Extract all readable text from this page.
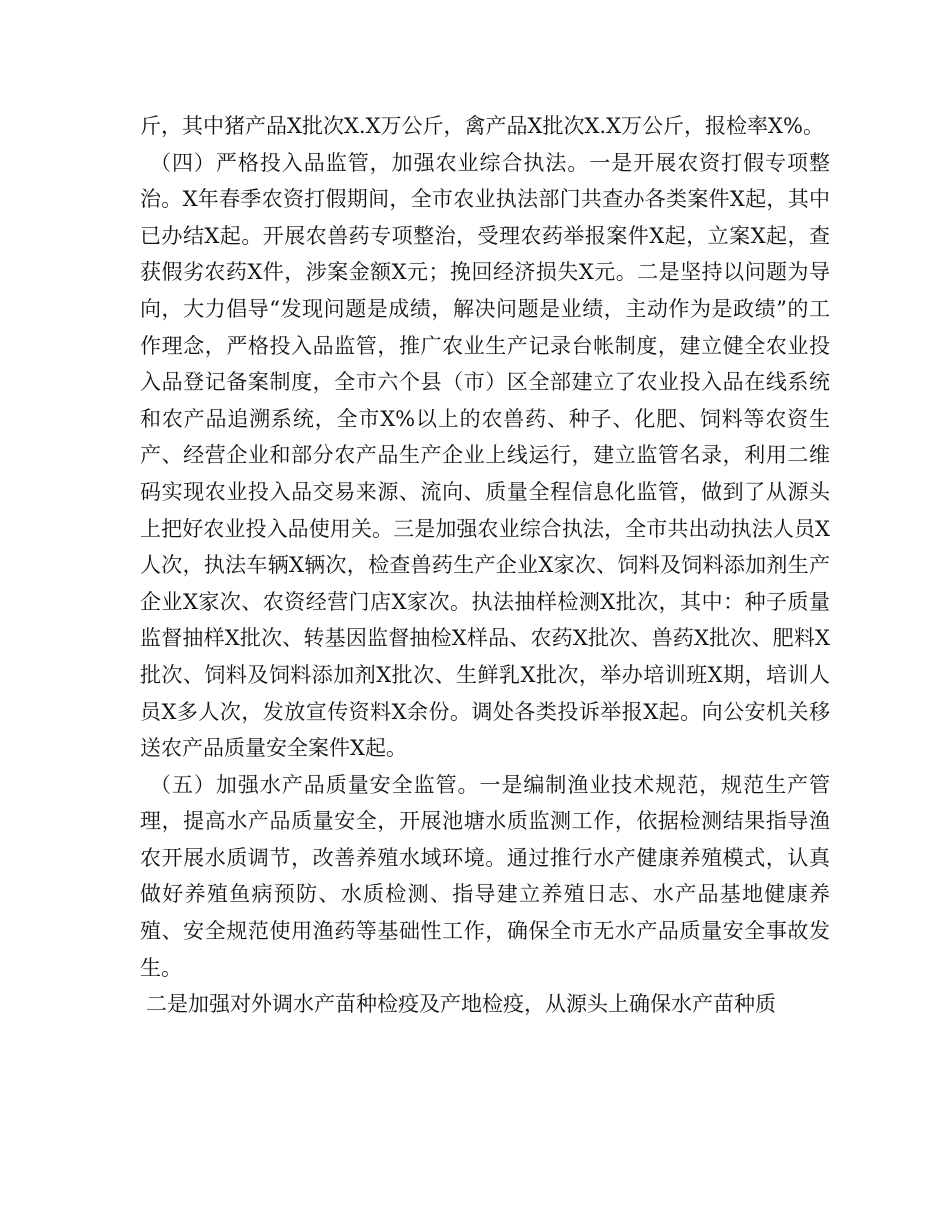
斤，其中猪产品X批次X.X万公斤，禽产品X批次X.X万公斤，报检率X%。

（四）严格投入品监管，加强农业综合执法。一是开展农资打假专项整治。X年春季农资打假期间，全市农业执法部门共查办各类案件X起，其中已办结X起。开展农兽药专项整治，受理农药举报案件X起，立案X起，查获假劣农药X件，涉案金额X元；挽回经济损失X元。二是坚持以问题为导向，大力倡导“发现问题是成绩，解决问题是业绩，主动作为是政绩”的工作理念，严格投入品监管，推广农业生产记录台帐制度，建立健全农业投入品登记备案制度，全市六个县（市）区全部建立了农业投入品在线系统和农产品追溯系统，全市X%以上的农兽药、种子、化肥、饲料等农资生产、经营企业和部分农产品生产企业上线运行，建立监管名录，利用二维码实现农业投入品交易来源、流向、质量全程信息化监管，做到了从源头上把好农业投入品使用关。三是加强农业综合执法，全市共出动执法人员X人次，执法车辆X辆次，检查兽药生产企业X家次、饲料及饲料添加剂生产企业X家次、农资经营门店X家次。执法抽样检测X批次，其中：种子质量监督抽样X批次、转基因监督抽检X样品、农药X批次、兽药X批次、肥料X批次、饲料及饲料添加剂X批次、生鲜乳X批次，举办培训班X期，培训人员X多人次，发放宣传资料X余份。调处各类投诉举报X起。向公安机关移送农产品质量安全案件X起。

（五）加强水产品质量安全监管。一是编制渔业技术规范，规范生产管理，提高水产品质量安全，开展池塘水质监测工作，依据检测结果指导渔农开展水质调节，改善养殖水域环境。通过推行水产健康养殖模式，认真做好养殖鱼病预防、水质检测、指导建立养殖日志、水产品基地健康养殖、安全规范使用渔药等基础性工作，确保全市无水产品质量安全事故发生。

二是加强对外调水产苗种检疫及产地检疫，从源头上确保水产苗种质
